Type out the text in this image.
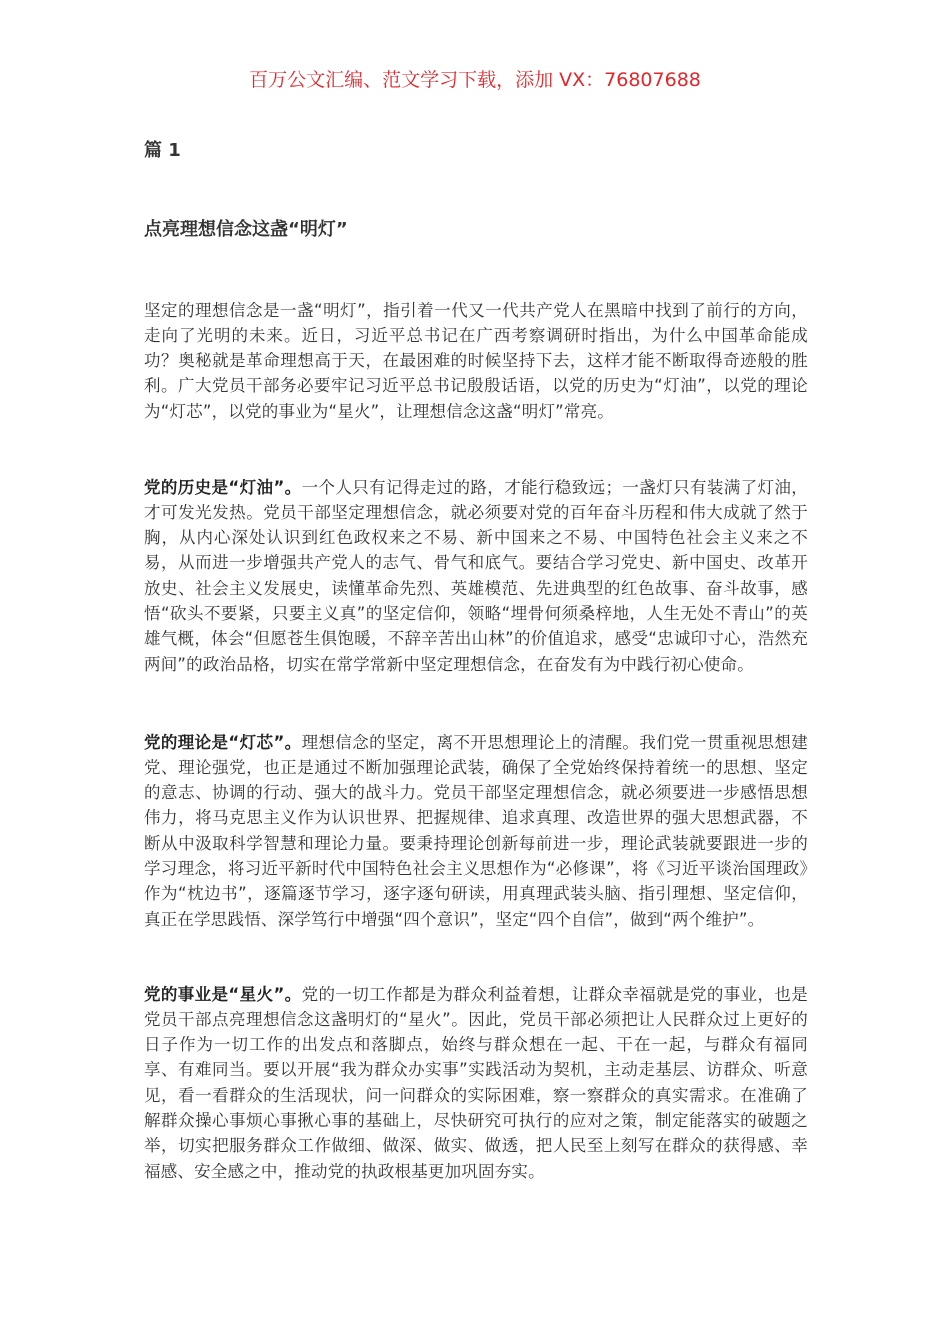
百万公文汇编、范文学习下载，添加 VX：76807688
篇 1
点亮理想信念这盏“明灯”

坚定的理想信念是一盏“明灯”，指引着一代又一代共产党人在黑暗中找到了前行的方向，走向了光明的未来。近日，习近平总书记在广西考察调研时指出，为什么中国革命能成功？奥秘就是革命理想高于天，在最困难的时候坚持下去，这样才能不断取得奇迹般的胜利。广大党员干部务必要牢记习近平总书记殷殷话语，以党的历史为“灯油”，以党的理论为“灯芯”，以党的事业为“星火”，让理想信念这盏“明灯”常亮。

党的历史是“灯油”。一个人只有记得走过的路，才能行稳致远；一盏灯只有装满了灯油，才可发光发热。党员干部坚定理想信念，就必须要对党的百年奋斗历程和伟大成就了然于胸，从内心深处认识到红色政权来之不易、新中国来之不易、中国特色社会主义来之不易，从而进一步增强共产党人的志气、骨气和底气。要结合学习党史、新中国史、改革开放史、社会主义发展史，读懂革命先烈、英雄模范、先进典型的红色故事、奋斗故事，感悟“砍头不要紧，只要主义真”的坚定信仰，领略“埋骨何须桑梓地，人生无处不青山”的英雄气概，体会“但愿苍生俱饱暖，不辞辛苦出山林”的价值追求，感受“忠诚印寸心，浩然充两间”的政治品格，切实在常学常新中坚定理想信念，在奋发有为中践行初心使命。

党的理论是“灯芯”。理想信念的坚定，离不开思想理论上的清醒。我们党一贯重视思想建党、理论强党，也正是通过不断加强理论武装，确保了全党始终保持着统一的思想、坚定的意志、协调的行动、强大的战斗力。党员干部坚定理想信念，就必须要进一步感悟思想伟力，将马克思主义作为认识世界、把握规律、追求真理、改造世界的强大思想武器，不断从中汲取科学智慧和理论力量。要秉持理论创新每前进一步，理论武装就要跟进一步的学习理念，将习近平新时代中国特色社会主义思想作为“必修课”，将《习近平谈治国理政》作为“枕边书”，逐篇逐节学习，逐字逐句研读，用真理武装头脑、指引理想、坚定信仰，真正在学思践悟、深学笃行中增强“四个意识”，坚定“四个自信”，做到“两个维护”。

党的事业是“星火”。党的一切工作都是为群众利益着想，让群众幸福就是党的事业，也是党员干部点亮理想信念这盏明灯的“星火”。因此，党员干部必须把让人民群众过上更好的日子作为一切工作的出发点和落脚点，始终与群众想在一起、干在一起，与群众有福同享、有难同当。要以开展“我为群众办实事”实践活动为契机，主动走基层、访群众、听意见，看一看群众的生活现状，问一问群众的实际困难，察一察群众的真实需求。在准确了解群众操心事烦心事揪心事的基础上，尽快研究可执行的应对之策，制定能落实的破题之举，切实把服务群众工作做细、做深、做实、做透，把人民至上刻写在群众的获得感、幸福感、安全感之中，推动党的执政根基更加巩固夯实。
